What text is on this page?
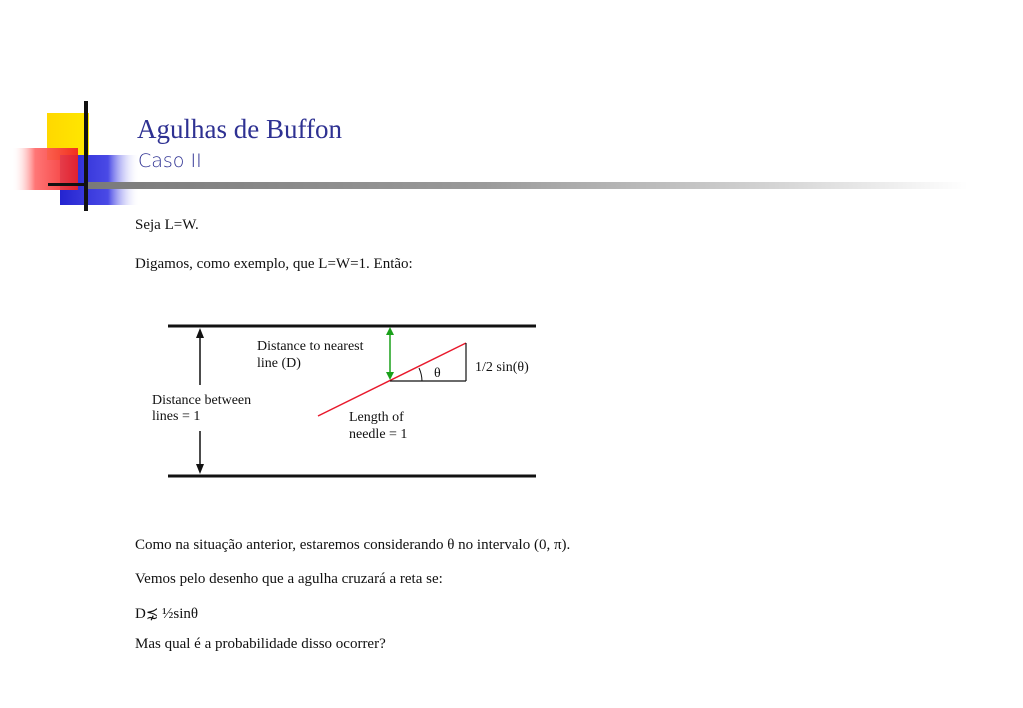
Agulhas de Buffon
Caso II
Seja L=W.
Digamos, como exemplo, que L=W=1. Então:
Distance to nearest
line (D)
Distance between
lines = 1	Length of
needle = 1
θ 1/2 sin(θ)
Como na situação anterior, estaremos considerando θ no intervalo (0, π).
Vemos pelo desenho que a agulha cruzará a reta se:
D⋨ ½sinθ
Mas qual é a probabilidade disso ocorrer?
